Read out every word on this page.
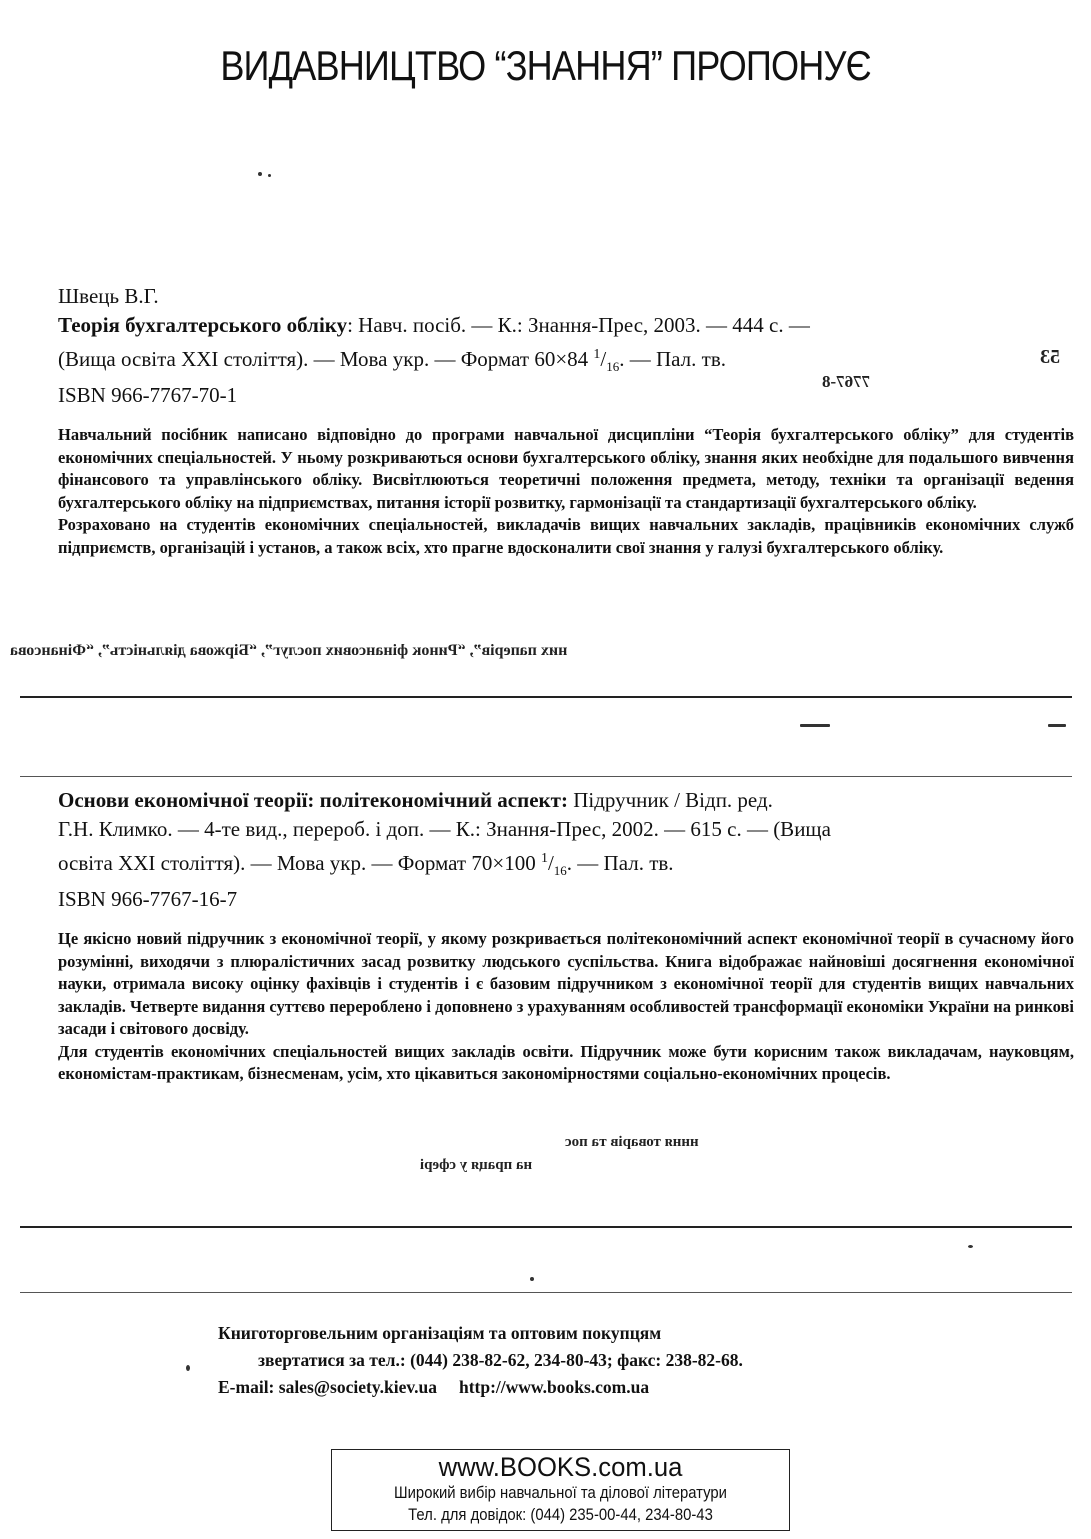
ВИДАВНИЦТВО “ЗНАННЯ” ПРОПОНУЄ
Швець В.Г.
Теорія бухгалтерського обліку: Навч. посіб. — К.: Знання-Прес, 2003. — 444 с. —
(Вища освіта XXI століття). — Мова укр. — Формат 60×84 $^1/_{16}$. — Пал. тв.
ISBN 966-7767-70-1

Навчальний посібник написано відповідно до програми навчальної дисципліни “Теорія бухгалтерського обліку” для студентів економічних спеціальностей. У ньому розкриваються основи бухгалтерського обліку, знання яких необхідне для подальшого вивчення фінансового та управлінського обліку. Висвітлюються теоретичні положення предмета, методу, техніки та організації ведення бухгалтерського обліку на підприємствах, питання історії розвитку, гармонізації та стандартизації бухгалтерського обліку.

Розраховано на студентів економічних спеціальностей, викладачів вищих навчальних закладів, працівників економічних служб підприємств, організацій і установ, а також всіх, хто прагне вдосконалити свої знання у галузі бухгалтерського обліку.

них паперів”, “Ринок фінансових послуг”, “Біржова діяльність”, “Фінансова
53
7767-8
Основи економічної теорії: політекономічний аспект: Підручник / Відп. ред.
Г.Н. Климко. — 4-те вид., перероб. і доп. — К.: Знання-Прес, 2002. — 615 с. — (Вища
освіта XXI століття). — Мова укр. — Формат 70×100 $^1/_{16}$. — Пал. тв.
ISBN 966-7767-16-7

Це якісно новий підручник з економічної теорії, у якому розкривається політекономічний аспект економічної теорії в сучасному його розумінні, виходячи з плюралістичних засад розвитку людського суспільства. Книга відображає найновіші досягнення економічної науки, отримала високу оцінку фахівців і студентів і є базовим підручником з економічної теорії для студентів вищих навчальних закладів. Четверте видання суттєво перероблено і доповнено з урахуванням особливостей трансформації економіки України на ринкові засади і світового досвіду.

Для студентів економічних спеціальностей вищих закладів освіти. Підручник може бути корисним також викладачам, науковцям, економістам-практикам, бізнесменам, усім, хто цікавиться закономірностями соціально-економічних процесів.

нння товарів та пос
на праця у сфері
Книготорговельним організаціям та оптовим покупцям
звертатися за тел.: (044) 238-82-62, 234-80-43; факс: 238-82-68.
E-mail: sales@society.kiev.ua http://www.books.com.ua
www.BOOKS.com.ua
Широкий вибір навчальної та ділової літератури
Тел. для довідок: (044) 235-00-44, 234-80-43
